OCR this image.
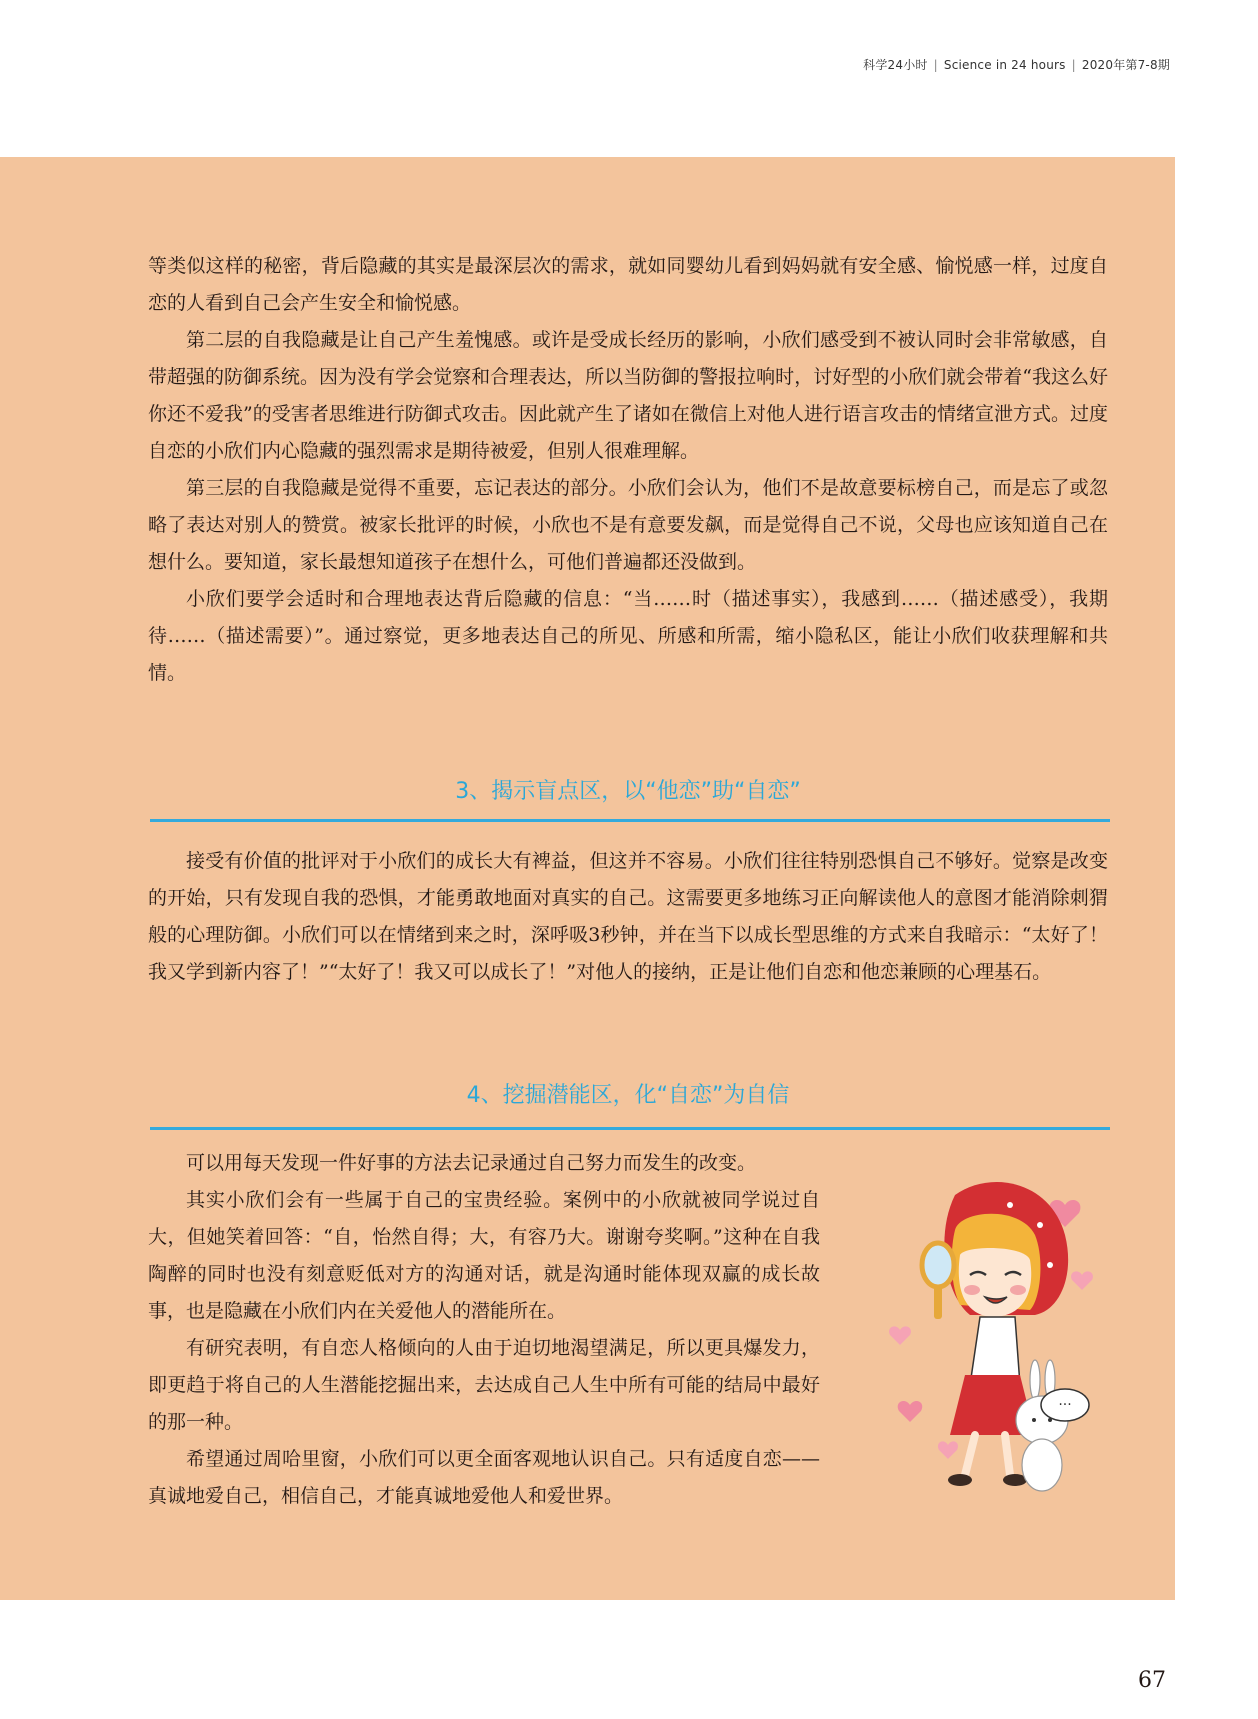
科学24小时 | Science in 24 hours | 2020年第7-8期

等类似这样的秘密，背后隐藏的其实是最深层次的需求，就如同婴幼儿看到妈妈就有安全感、愉悦感一样，过度自恋的人看到自己会产生安全和愉悦感。

第二层的自我隐藏是让自己产生羞愧感。或许是受成长经历的影响，小欣们感受到不被认同时会非常敏感，自带超强的防御系统。因为没有学会觉察和合理表达，所以当防御的警报拉响时，讨好型的小欣们就会带着“我这么好你还不爱我”的受害者思维进行防御式攻击。因此就产生了诸如在微信上对他人进行语言攻击的情绪宣泄方式。过度自恋的小欣们内心隐藏的强烈需求是期待被爱，但别人很难理解。

第三层的自我隐藏是觉得不重要，忘记表达的部分。小欣们会认为，他们不是故意要标榜自己，而是忘了或忽略了表达对别人的赞赏。被家长批评的时候，小欣也不是有意要发飙，而是觉得自己不说，父母也应该知道自己在想什么。要知道，家长最想知道孩子在想什么，可他们普遍都还没做到。

小欣们要学会适时和合理地表达背后隐藏的信息：“当……时（描述事实），我感到……（描述感受），我期待……（描述需要）”。通过察觉，更多地表达自己的所见、所感和所需，缩小隐私区，能让小欣们收获理解和共情。

3、揭示盲点区，以“他恋”助“自恋”

接受有价值的批评对于小欣们的成长大有裨益，但这并不容易。小欣们往往特别恐惧自己不够好。觉察是改变的开始，只有发现自我的恐惧，才能勇敢地面对真实的自己。这需要更多地练习正向解读他人的意图才能消除刺猬般的心理防御。小欣们可以在情绪到来之时，深呼吸3秒钟，并在当下以成长型思维的方式来自我暗示：“太好了！我又学到新内容了！”“太好了！我又可以成长了！”对他人的接纳，正是让他们自恋和他恋兼顾的心理基石。

4、挖掘潜能区，化“自恋”为自信

可以用每天发现一件好事的方法去记录通过自己努力而发生的改变。

其实小欣们会有一些属于自己的宝贵经验。案例中的小欣就被同学说过自大，但她笑着回答：“自，怡然自得；大，有容乃大。谢谢夸奖啊。”这种在自我陶醉的同时也没有刻意贬低对方的沟通对话，就是沟通时能体现双赢的成长故事，也是隐藏在小欣们内在关爱他人的潜能所在。

有研究表明，有自恋人格倾向的人由于迫切地渴望满足，所以更具爆发力，即更趋于将自己的人生潜能挖掘出来，去达成自己人生中所有可能的结局中最好的那一种。

希望通过周哈里窗，小欣们可以更全面客观地认识自己。只有适度自恋——真诚地爱自己，相信自己，才能真诚地爱他人和爱世界。

···
67
